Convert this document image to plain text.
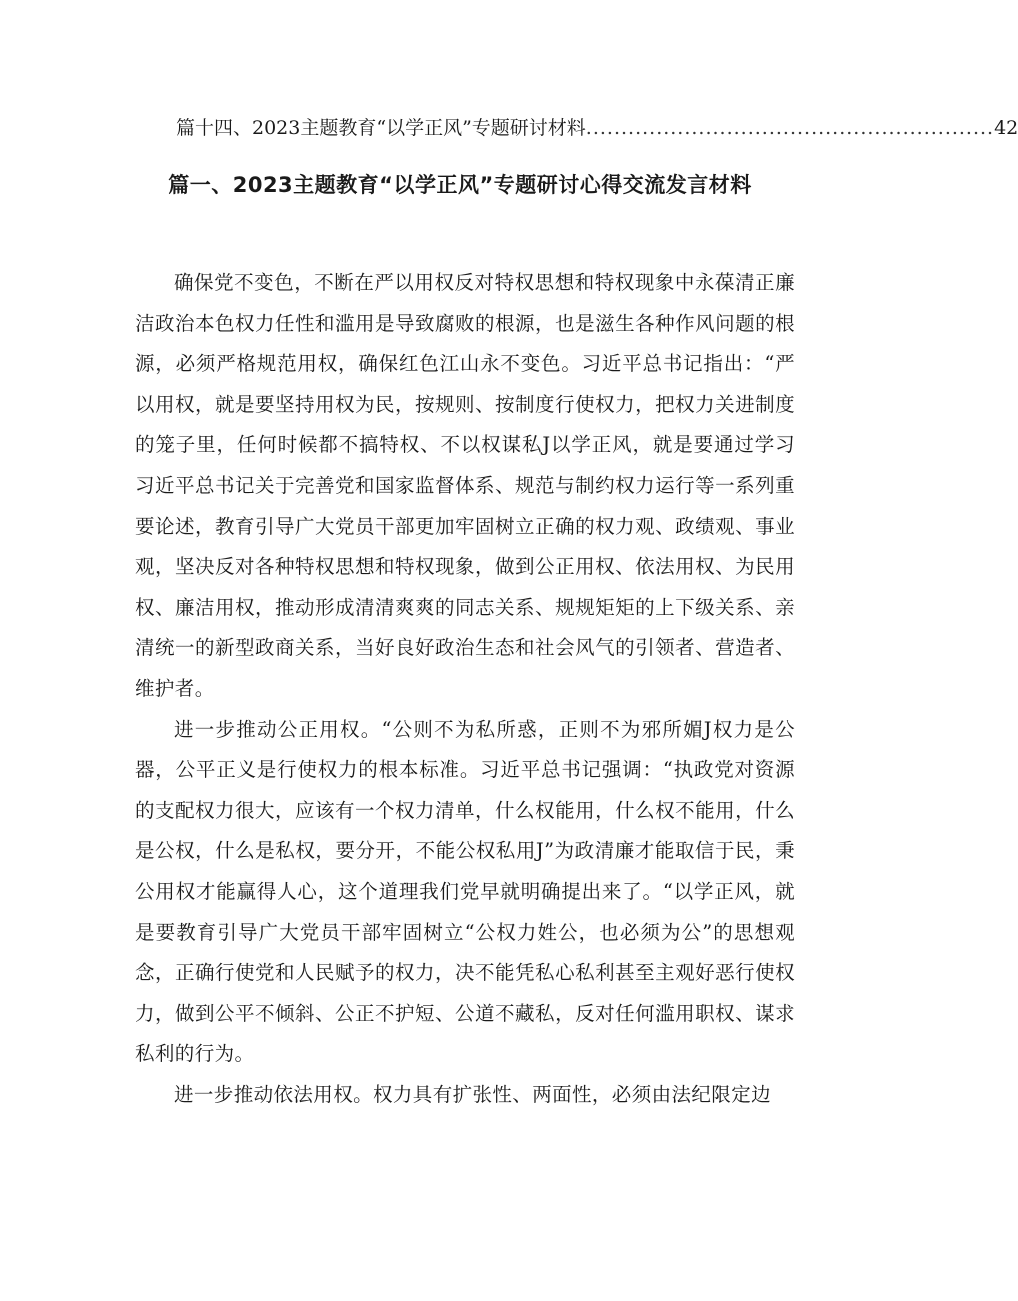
篇十四、2023主题教育“以学正风”专题研讨材料 .......................................................... 42
篇一、2023主题教育“以学正风”专题研讨心得交流发言材料

确保党不变色，不断在严以用权反对特权思想和特权现象中永葆清正廉洁政治本色权力任性和滥用是导致腐败的根源，也是滋生各种作风问题的根源，必须严格规范用权，确保红色江山永不变色。习近平总书记指出：“严以用权，就是要坚持用权为民，按规则、按制度行使权力，把权力关进制度的笼子里，任何时候都不搞特权、不以权谋私J以学正风，就是要通过学习习近平总书记关于完善党和国家监督体系、规范与制约权力运行等一系列重要论述，教育引导广大党员干部更加牢固树立正确的权力观、政绩观、事业观，坚决反对各种特权思想和特权现象，做到公正用权、依法用权、为民用权、廉洁用权，推动形成清清爽爽的同志关系、规规矩矩的上下级关系、亲清统一的新型政商关系，当好良好政治生态和社会风气的引领者、营造者、维护者。

进一步推动公正用权。“公则不为私所惑，正则不为邪所媚J权力是公器，公平正义是行使权力的根本标准。习近平总书记强调：“执政党对资源的支配权力很大，应该有一个权力清单，什么权能用，什么权不能用，什么是公权，什么是私权，要分开，不能公权私用J”为政清廉才能取信于民，秉公用权才能赢得人心，这个道理我们党早就明确提出来了。“以学正风，就是要教育引导广大党员干部牢固树立“公权力姓公，也必须为公”的思想观念，正确行使党和人民赋予的权力，决不能凭私心私利甚至主观好恶行使权力，做到公平不倾斜、公正不护短、公道不藏私，反对任何滥用职权、谋求私利的行为。

进一步推动依法用权。权力具有扩张性、两面性，必须由法纪限定边
